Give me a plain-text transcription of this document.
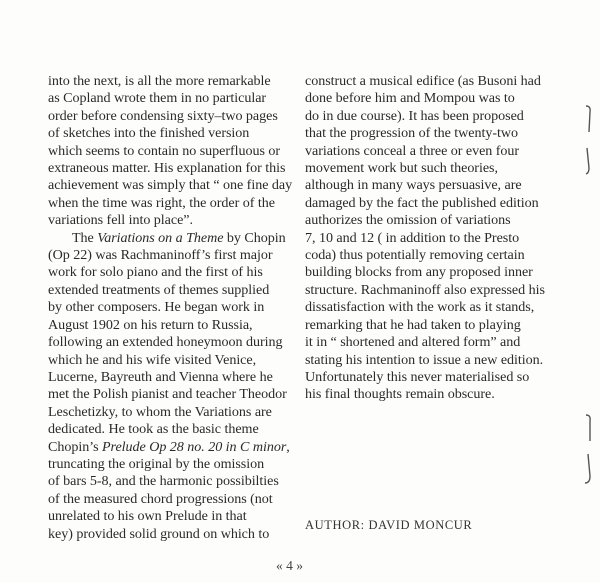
into the next, is all the more remarkable
as Copland wrote them in no particular
order before condensing sixty–two pages
of sketches into the finished version
which seems to contain no superfluous or
extraneous matter. His explanation for this
achievement was simply that “ one fine day
when the time was right, the order of the
variations fell into place”.
The Variations on a Theme by Chopin
(Op 22) was Rachmaninoff’s first major
work for solo piano and the first of his
extended treatments of themes supplied
by other composers. He began work in
August 1902 on his return to Russia,
following an extended honeymoon during
which he and his wife visited Venice,
Lucerne, Bayreuth and Vienna where he
met the Polish pianist and teacher Theodor
Leschetizky, to whom the Variations are
dedicated. He took as the basic theme
Chopin’s Prelude Op 28 no. 20 in C minor,
truncating the original by the omission
of bars 5-8, and the harmonic possibilties
of the measured chord progressions (not
unrelated to his own Prelude in that
key) provided solid ground on which to
construct a musical edifice (as Busoni had
done before him and Mompou was to
do in due course). It has been proposed
that the progression of the twenty-two
variations conceal a three or even four
movement work but such theories,
although in many ways persuasive, are
damaged by the fact the published edition
authorizes the omission of variations
7, 10 and 12 ( in addition to the Presto
coda) thus potentially removing certain
building blocks from any proposed inner
structure. Rachmaninoff also expressed his
dissatisfaction with the work as it stands,
remarking that he had taken to playing
it in “ shortened and altered form” and
stating his intention to issue a new edition.
Unfortunately this never materialised so
his final thoughts remain obscure.
AUTHOR: DAVID MONCUR
« 4 »
